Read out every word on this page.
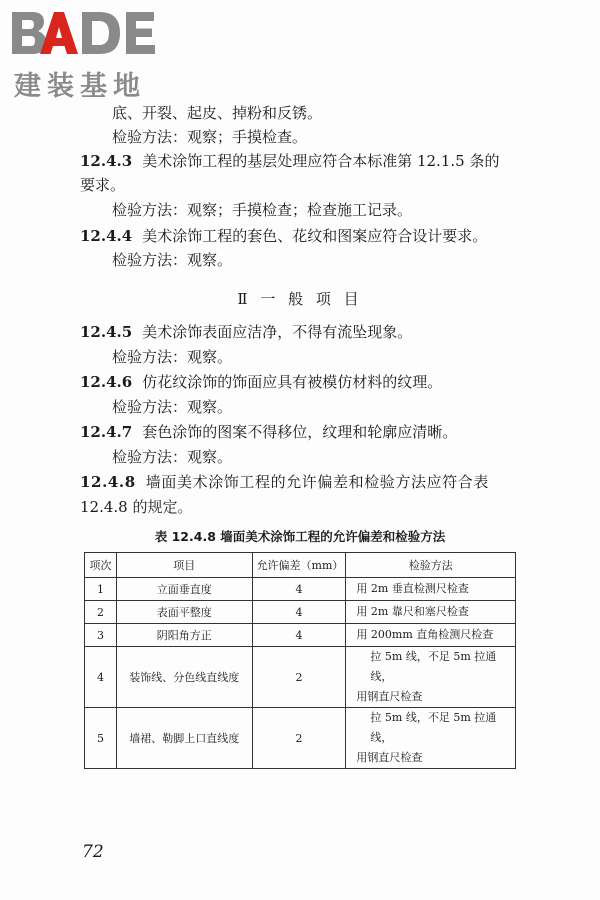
建装基地
底、开裂、起皮、掉粉和反锈。
检验方法：观察；手摸检查。
12.4.3 美术涂饰工程的基层处理应符合本标准第 12.1.5 条的
要求。
检验方法：观察；手摸检查；检查施工记录。
12.4.4 美术涂饰工程的套色、花纹和图案应符合设计要求。
检验方法：观察。
Ⅱ 一 般 项 目
12.4.5 美术涂饰表面应洁净，不得有流坠现象。
检验方法：观察。
12.4.6 仿花纹涂饰的饰面应具有被模仿材料的纹理。
检验方法：观察。
12.4.7 套色涂饰的图案不得移位，纹理和轮廓应清晰。
检验方法：观察。
12.4.8 墙面美术涂饰工程的允许偏差和检验方法应符合表
12.4.8 的规定。
表 12.4.8 墙面美术涂饰工程的允许偏差和检验方法
项次	项目	允许偏差（mm）	检验方法
1	立面垂直度	4	用 2m 垂直检测尺检查
2	表面平整度	4	用 2m 靠尺和塞尺检查
3	阴阳角方正	4	用 200mm 直角检测尺检查
4	装饰线、分色线直线度	2	拉 5m 线，不足 5m 拉通线，
用钢直尺检查

5	墙裙、勒脚上口直线度	2	拉 5m 线，不足 5m 拉通线，
用钢直尺检查
72
